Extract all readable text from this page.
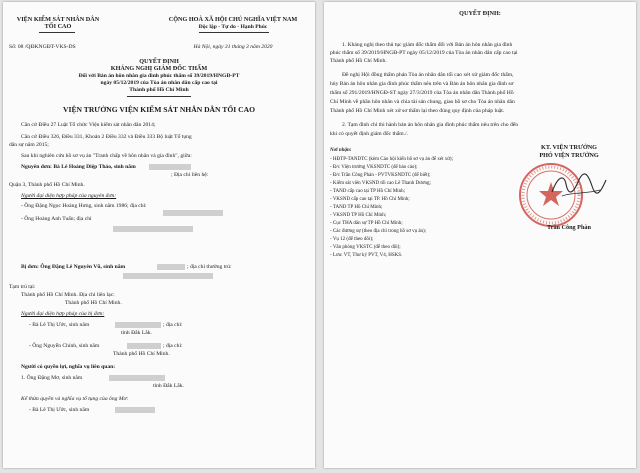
VIỆN KIỂM SÁT NHÂN DÂN
TỐI CAO
Số: 08 /QĐKNGĐT-VKS-DS
CỘNG HOÀ XÃ HỘI CHỦ NGHĨA VIỆT NAM
Độc lập - Tự do - Hạnh Phúc
Hà Nội, ngày 31 tháng 3 năm 2020
QUYẾT ĐỊNH
KHÁNG NGHỊ GIÁM ĐỐC THẨM
Đối với Bản án hôn nhân gia đình phúc thẩm số 39/2019/HNGĐ-PT
ngày 05/12/2019 của Tòa án nhân dân cấp cao tại
Thành phố Hồ Chí Minh
VIỆN TRƯỞNG VIỆN KIỂM SÁT NHÂN DÂN TỐI CAO
Căn cứ Điều 27 Luật Tổ chức Viện kiểm sát nhân dân 2014;
Căn cứ Điều 326, Điều 331, Khoản 2 Điều 332 và Điều 333 Bộ luật Tố tụng
dân sự năm 2015;
Sau khi nghiên cứu hồ sơ vụ án "Tranh chấp về hôn nhân và gia đình", giữa:
Nguyên đơn: Bà Lê Hoàng Diệp Thảo, sinh năm
; Địa chỉ liên hệ:
Quận 3, Thành phố Hồ Chí Minh.
Người đại diện hợp pháp của nguyên đơn:
- Ông Đặng Ngọc Hoàng Hưng, sinh năm 1986; địa chỉ:
- Ông Hoàng Anh Tuấn; địa chỉ
Bị đơn: Ông Đặng Lê Nguyên Vũ, sinh năm	; địa chỉ thường trú:
Tạm trú tại:
Thành phố Hồ Chí Minh. Địa chỉ liên lạc:
Thành phố Hồ Chí Minh.
Người đại diện hợp pháp của bị đơn:
- Bà Lê Thị Ước, sinh năm	; địa chỉ:
tỉnh Đắk Lắk.
- Ông Nguyễn Chính, sinh năm	; địa chỉ:
Thành phố Hồ Chí Minh.
Người có quyền lợi, nghĩa vụ liên quan:
1. Ông Đặng Mơ, sinh năm
tỉnh Đắk Lắk.
Kế thừa quyền và nghĩa vụ tố tụng của ông Mơ:
- Bà Lê Thị Ước, sinh năm
QUYẾT ĐỊNH:
1. Kháng nghị theo thủ tục giám đốc thẩm đối với Bản án hôn nhân gia đình
phúc thẩm số 39/2019/HNGĐ-PT ngày 05/12/2019 của Tòa án nhân dân cấp cao tại
Thành phố Hồ Chí Minh.
Đề nghị Hội đồng thẩm phán Tòa án nhân dân tối cao xét xử giám đốc thẩm,
hủy Bản án hôn nhân gia đình phúc thẩm nêu trên và Bản án hôn nhân gia đình sơ
thẩm số 291/2019/HNGĐ-ST ngày 27/3/2019 của Tòa án nhân dân Thành phố Hồ
Chí Minh về phần hôn nhân và chia tài sản chung, giao hồ sơ cho Tòa án nhân dân
Thành phố Hồ Chí Minh xét xử sơ thẩm lại theo đúng quy định của pháp luật.
2. Tạm đình chỉ thi hành bản án hôn nhân gia đình phúc thẩm nêu trên cho đến
khi có quyết định giám đốc thẩm./.
Nơi nhận:
- HĐTP-TANDTC (kèm Cáo hội kiến hồ sơ vụ án để xét xử);
- Đ/c Viện trưởng VKSNDTC (để báo cáo);
- Đ/c Trần Công Phàn - PVTVKSNDTC (để biết);
- Kiểm sát viên VKSND tối cao Lê Thanh Dương;
- TAND cấp cao tại TP Hồ Chí Minh;
- VKSND cấp cao tại TP. Hồ Chí Minh;
- TAND TP Hồ Chí Minh;
- VKSND TP Hồ Chí Minh;
- Cục THA dân sự TP Hồ Chí Minh;
- Các đương sự (theo địa chỉ trong hồ sơ vụ án);
- Vụ 12 (để theo dõi);
- Văn phòng VKSTC (để theo dõi);
- Lưu: VT, Thư ký PVT, V4, HSKS.
KT. VIỆN TRƯỞNG
PHÓ VIỆN TRƯỞNG
Trần Công Phàn
